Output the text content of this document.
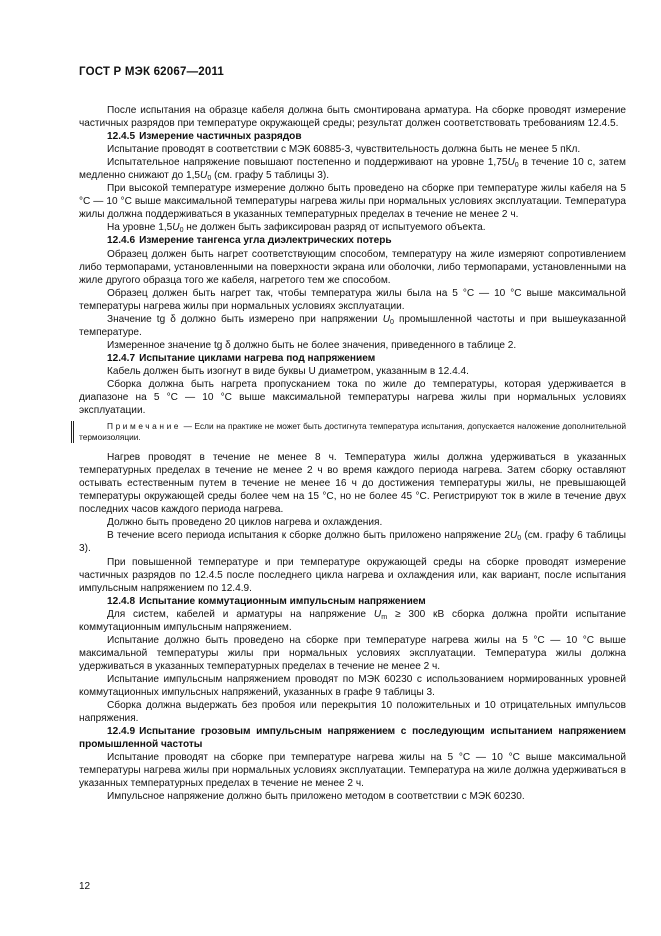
ГОСТ Р МЭК 62067—2011

После испытания на образце кабеля должна быть смонтирована арматура. На сборке проводят измерение частичных разрядов при температуре окружающей среды; результат должен соответствовать требованиям 12.4.5.

12.4.5 Измерение частичных разрядов

Испытание проводят в соответствии с МЭК 60885-3, чувствительность должна быть не менее 5 пКл.

Испытательное напряжение повышают постепенно и поддерживают на уровне $1,75U_0$ в течение 10 с, затем медленно снижают до $1,5U_0$ (см. графу 5 таблицы 3).

При высокой температуре измерение должно быть проведено на сборке при температуре жилы кабеля на 5 °С — 10 °С выше максимальной температуры нагрева жилы при нормальных условиях эксплуатации. Температура жилы должна поддерживаться в указанных температурных пределах в течение не менее 2 ч.

На уровне $1,5U_0$ не должен быть зафиксирован разряд от испытуемого объекта.

12.4.6 Измерение тангенса угла диэлектрических потерь

Образец должен быть нагрет соответствующим способом, температуру на жиле измеряют сопротивлением либо термопарами, установленными на поверхности экрана или оболочки, либо термопарами, установленными на жиле другого образца того же кабеля, нагретого тем же способом.

Образец должен быть нагрет так, чтобы температура жилы была на 5 °С — 10 °С выше максимальной температуры нагрева жилы при нормальных условиях эксплуатации.

Значение tg δ должно быть измерено при напряжении $U_0$ промышленной частоты и при вышеуказанной температуре.

Измеренное значение tg δ должно быть не более значения, приведенного в таблице 2.

12.4.7 Испытание циклами нагрева под напряжением

Кабель должен быть изогнут в виде буквы U диаметром, указанным в 12.4.4.

Сборка должна быть нагрета пропусканием тока по жиле до температуры, которая удерживается в диапазоне на 5 °С — 10 °С выше максимальной температуры нагрева жилы при нормальных условиях эксплуатации.

Примечание — Если на практике не может быть достигнута температура испытания, допускается наложение дополнительной термоизоляции.

Нагрев проводят в течение не менее 8 ч. Температура жилы должна удерживаться в указанных температурных пределах в течение не менее 2 ч во время каждого периода нагрева. Затем сборку оставляют остывать естественным путем в течение не менее 16 ч до достижения температуры жилы, не превышающей температуры окружающей среды более чем на 15 °С, но не более 45 °С. Регистрируют ток в жиле в течение двух последних часов каждого периода нагрева.

Должно быть проведено 20 циклов нагрева и охлаждения.

В течение всего периода испытания к сборке должно быть приложено напряжение $2U_0$ (см. графу 6 таблицы 3).

При повышенной температуре и при температуре окружающей среды на сборке проводят измерение частичных разрядов по 12.4.5 после последнего цикла нагрева и охлаждения или, как вариант, после испытания импульсным напряжением по 12.4.9.

12.4.8 Испытание коммутационным импульсным напряжением

Для систем, кабелей и арматуры на напряжение $U_m \ge 300$ кВ сборка должна пройти испытание коммутационным импульсным напряжением.

Испытание должно быть проведено на сборке при температуре нагрева жилы на 5 °С — 10 °С выше максимальной температуры жилы при нормальных условиях эксплуатации. Температура жилы должна удерживаться в указанных температурных пределах в течение не менее 2 ч.

Испытание импульсным напряжением проводят по МЭК 60230 с использованием нормированных уровней коммутационных импульсных напряжений, указанных в графе 9 таблицы 3.

Сборка должна выдержать без пробоя или перекрытия 10 положительных и 10 отрицательных импульсов напряжения.

12.4.9 Испытание грозовым импульсным напряжением с последующим испытанием напряжением промышленной частоты

Испытание проводят на сборке при температуре нагрева жилы на 5 °С — 10 °С выше максимальной температуры нагрева жилы при нормальных условиях эксплуатации. Температура на жиле должна удерживаться в указанных температурных пределах в течение не менее 2 ч.

Импульсное напряжение должно быть приложено методом в соответствии с МЭК 60230.

12
